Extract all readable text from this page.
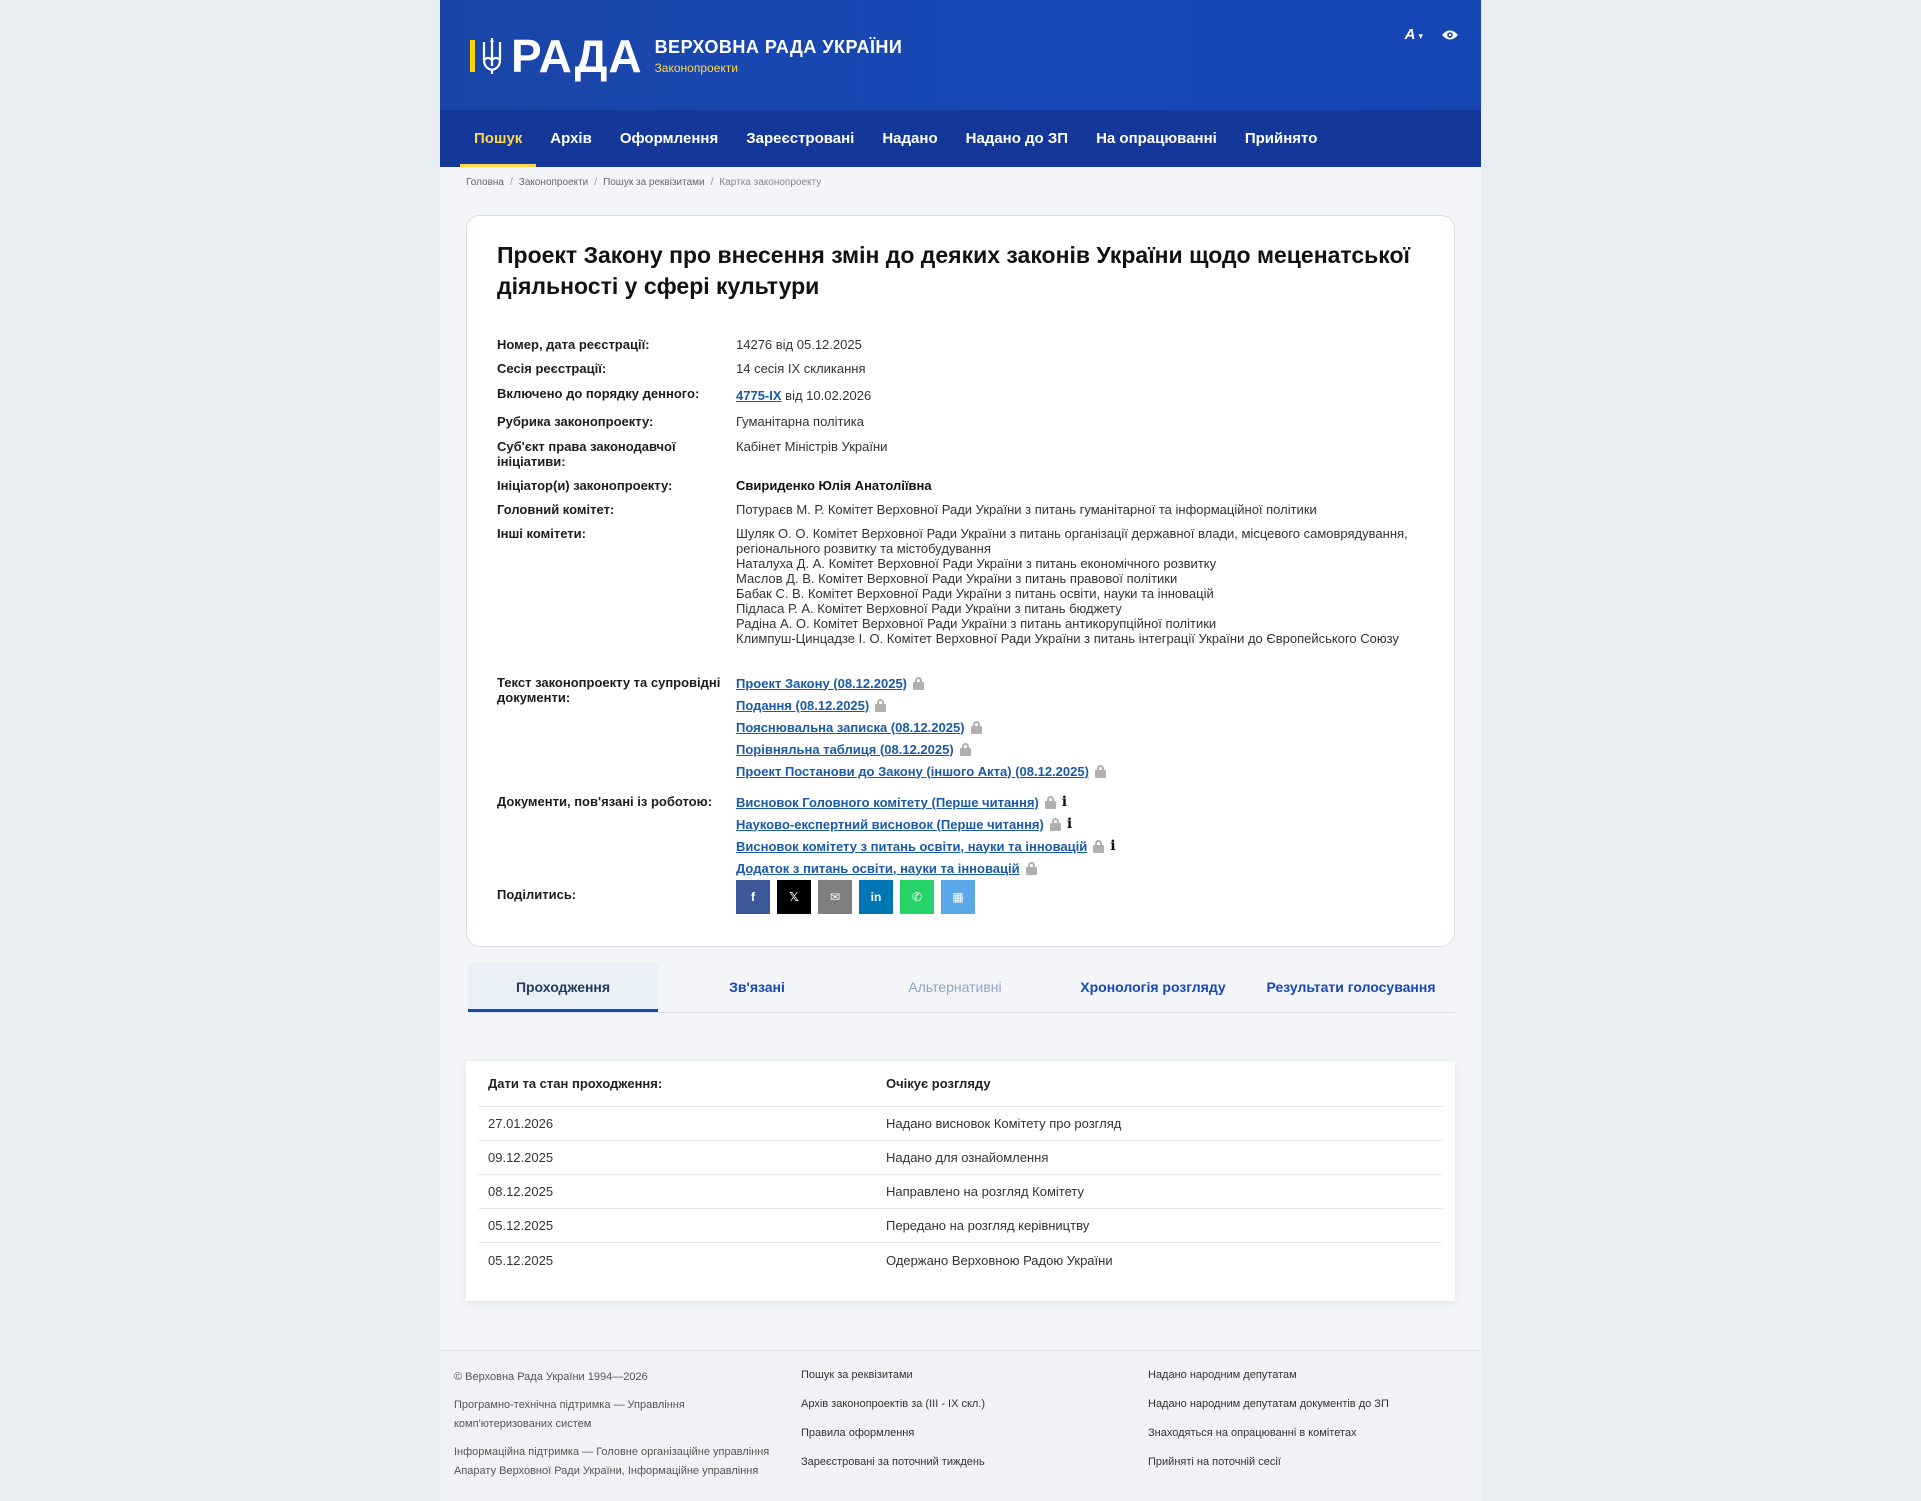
РАДА ВЕРХОВНА РАДА УКРАЇНИ
Законопроекти
A ▾
Пошук	Архів	Оформлення	Зареєстровані	Надано	Надано до ЗП	На опрацюванні	Прийнято
Головна / Законопроекти / Пошук за реквізитами / Картка законопроекту
Проект Закону про внесення змін до деяких законів України щодо меценатської діяльності у сфері культури
Номер, дата реєстрації:	14276 від 05.12.2025
Сесія реєстрації:	14 сесія IX скликання
Включено до порядку денного:	4775-IX від 10.02.2026
Рубрика законопроекту:	Гуманітарна політика
Суб'єкт права законодавчої ініціативи:
Кабінет Міністрів України
Ініціатор(и) законопроекту:	Свириденко Юлія Анатоліївна
Головний комітет:	Потураєв М. Р. Комітет Верховної Ради України з питань гуманітарної та інформаційної політики
Інші комітети:	Шуляк О. О. Комітет Верховної Ради України з питань організації державної влади, місцевого самоврядування, регіонального розвитку та містобудування
Наталуха Д. А. Комітет Верховної Ради України з питань економічного розвитку
Маслов Д. В. Комітет Верховної Ради України з питань правової політики
Бабак С. В. Комітет Верховної Ради України з питань освіти, науки та інновацій
Підласа Р. А. Комітет Верховної Ради України з питань бюджету
Радіна А. О. Комітет Верховної Ради України з питань антикорупційної політики
Климпуш-Цинцадзе І. О. Комітет Верховної Ради України з питань інтеграції України до Європейського Союзу
Текст законопроекту та супровідні документи:
Проект Закону (08.12.2025)
Подання (08.12.2025)
Пояснювальна записка (08.12.2025)
Порівняльна таблиця (08.12.2025)
Проект Постанови до Закону (іншого Акта) (08.12.2025)
Документи, пов'язані із роботою:	Висновок Головного комітету (Перше читання) i
Науково-експертний висновок (Перше читання) i
Висновок комітету з питань освіти, науки та інновацій i
Додаток з питань освіти, науки та інновацій
Поділитись:	f	𝕏	✉	in	✆	▦
Проходження	Зв'язані	Альтернативні	Хронологія розгляду	Результати голосування
Дати та стан проходження:	Очікує розгляду
27.01.2026	Надано висновок Комітету про розгляд
09.12.2025	Надано для ознайомлення
08.12.2025	Направлено на розгляд Комітету
05.12.2025	Передано на розгляд керівництву
05.12.2025	Одержано Верховною Радою України
© Верховна Рада України 1994—2026
Програмно-технічна підтримка — Управління комп'ютеризованих систем
Інформаційна підтримка — Головне організаційне управління Апарату Верховної Ради України, Інформаційне управління
Пошук за реквізитами
Архів законопроектів за (III - IX скл.)
Правила оформлення
Зареєстровані за поточний тиждень
Надано народним депутатам
Надано народним депутатам документів до ЗП
Знаходяться на опрацюванні в комітетах
Прийняті на поточній сесії
